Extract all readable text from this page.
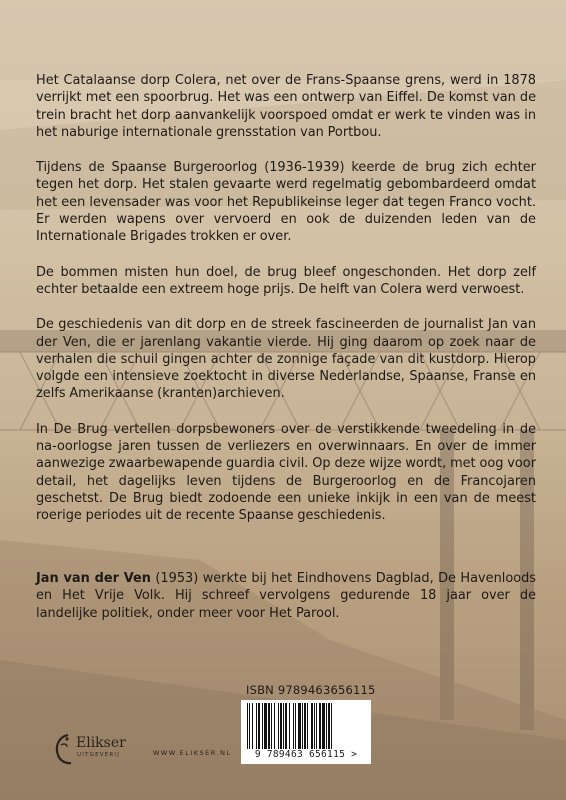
Het Catalaanse dorp Colera, net over de Frans-Spaanse grens, werd in 1878 verrijkt met een spoorbrug. Het was een ontwerp van Eiffel. De komst van de trein bracht het dorp aanvankelijk voorspoed omdat er werk te vinden was in het naburige internationale grensstation van Portbou.

Tijdens de Spaanse Burgeroorlog (1936-1939) keerde de brug zich echter tegen het dorp. Het stalen gevaarte werd regelmatig gebombardeerd omdat het een levensader was voor het Republikeinse leger dat tegen Franco vocht. Er werden wapens over vervoerd en ook de duizenden leden van de Internationale Brigades trokken er over.

De bommen misten hun doel, de brug bleef ongeschonden. Het dorp zelf echter betaalde een extreem hoge prijs. De helft van Colera werd verwoest.

De geschiedenis van dit dorp en de streek fascineerden de journalist Jan van der Ven, die er jarenlang vakantie vierde. Hij ging daarom op zoek naar de verhalen die schuil gingen achter de zonnige façade van dit kustdorp. Hierop volgde een intensieve zoektocht in diverse Nederlandse, Spaanse, Franse en zelfs Amerikaanse (kranten)archieven.

In De Brug vertellen dorpsbewoners over de verstikkende tweedeling in de na-oorlogse jaren tussen de verliezers en overwinnaars. En over de immer aanwezige zwaarbewapende guardia civil. Op deze wijze wordt, met oog voor detail, het dagelijks leven tijdens de Burgeroorlog en de Francojaren geschetst. De Brug biedt zodoende een unieke inkijk in een van de meest roerige periodes uit de recente Spaanse geschiedenis.

Jan van der Ven (1953) werkte bij het Eindhovens Dagblad, De Havenloods en Het Vrije Volk. Hij schreef vervolgens gedurende 18 jaar over de landelijke politiek, onder meer voor Het Parool.

ISBN 9789463656115
9 789463 656115 >
Elikser
UITGEVERIJ	WWW.ELIKSER.NL
